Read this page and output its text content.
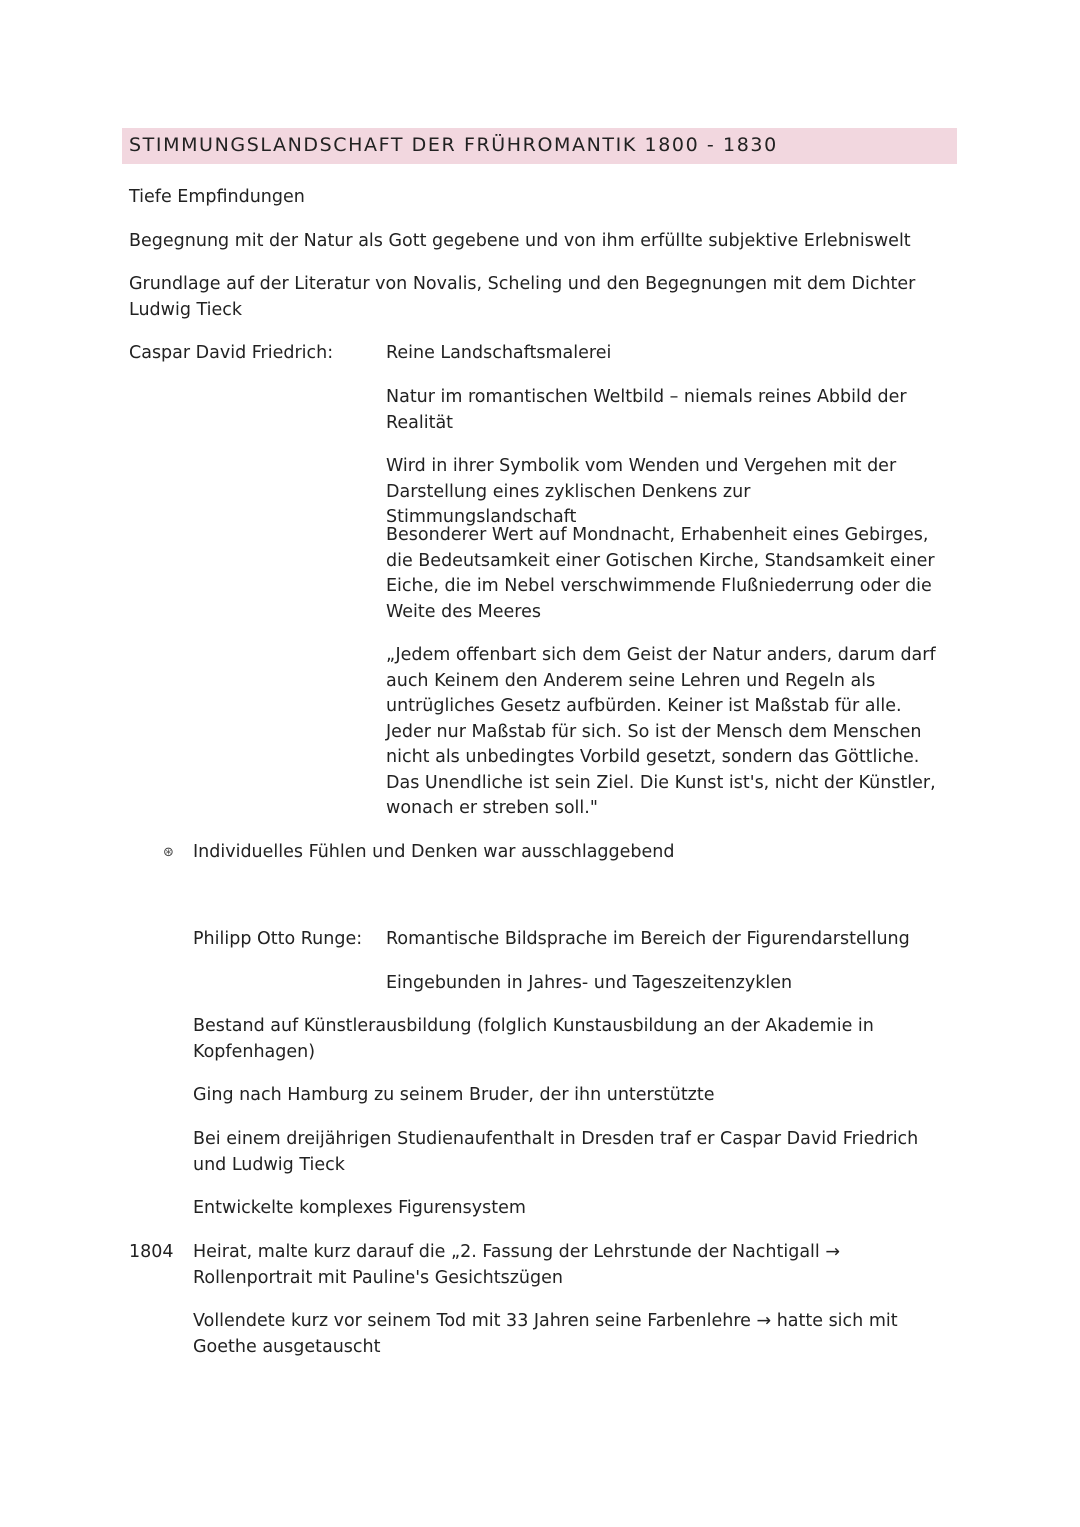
STIMMUNGSLANDSCHAFT DER FRÜHROMANTIK 1800 - 1830
Tiefe Empfindungen
Begegnung mit der Natur als Gott gegebene und von ihm erfüllte subjektive Erlebniswelt
Grundlage auf der Literatur von Novalis, Scheling und den Begegnungen mit dem Dichter Ludwig Tieck
Caspar David Friedrich:	Reine Landschaftsmalerei
Natur im romantischen Weltbild – niemals reines Abbild der Realität
Wird in ihrer Symbolik vom Wenden und Vergehen mit der Darstellung eines zyklischen Denkens zur Stimmungslandschaft
Besonderer Wert auf Mondnacht, Erhabenheit eines Gebirges, die Bedeutsamkeit einer Gotischen Kirche, Standsamkeit einer Eiche, die im Nebel verschwimmende Flußniederrung oder die Weite des Meeres
„Jedem offenbart sich dem Geist der Natur anders, darum darf auch Keinem den Anderem seine Lehren und Regeln als untrügliches Gesetz aufbürden. Keiner ist Maßstab für alle. Jeder nur Maßstab für sich. So ist der Mensch dem Menschen nicht als unbedingtes Vorbild gesetzt, sondern das Göttliche. Das Unendliche ist sein Ziel. Die Kunst ist's, nicht der Künstler, wonach er streben soll."
⊛ Individuelles Fühlen und Denken war ausschlaggebend
Philipp Otto Runge: Romantische Bildsprache im Bereich der Figurendarstellung
Eingebunden in Jahres- und Tageszeitenzyklen
Bestand auf Künstlerausbildung (folglich Kunstausbildung an der Akademie in Kopfenhagen)
Ging nach Hamburg zu seinem Bruder, der ihn unterstützte
Bei einem dreijährigen Studienaufenthalt in Dresden traf er Caspar David Friedrich und Ludwig Tieck
Entwickelte komplexes Figurensystem
1804 Heirat, malte kurz darauf die „2. Fassung der Lehrstunde der Nachtigall → Rollenportrait mit Pauline's Gesichtszügen
Vollendete kurz vor seinem Tod mit 33 Jahren seine Farbenlehre → hatte sich mit Goethe ausgetauscht
